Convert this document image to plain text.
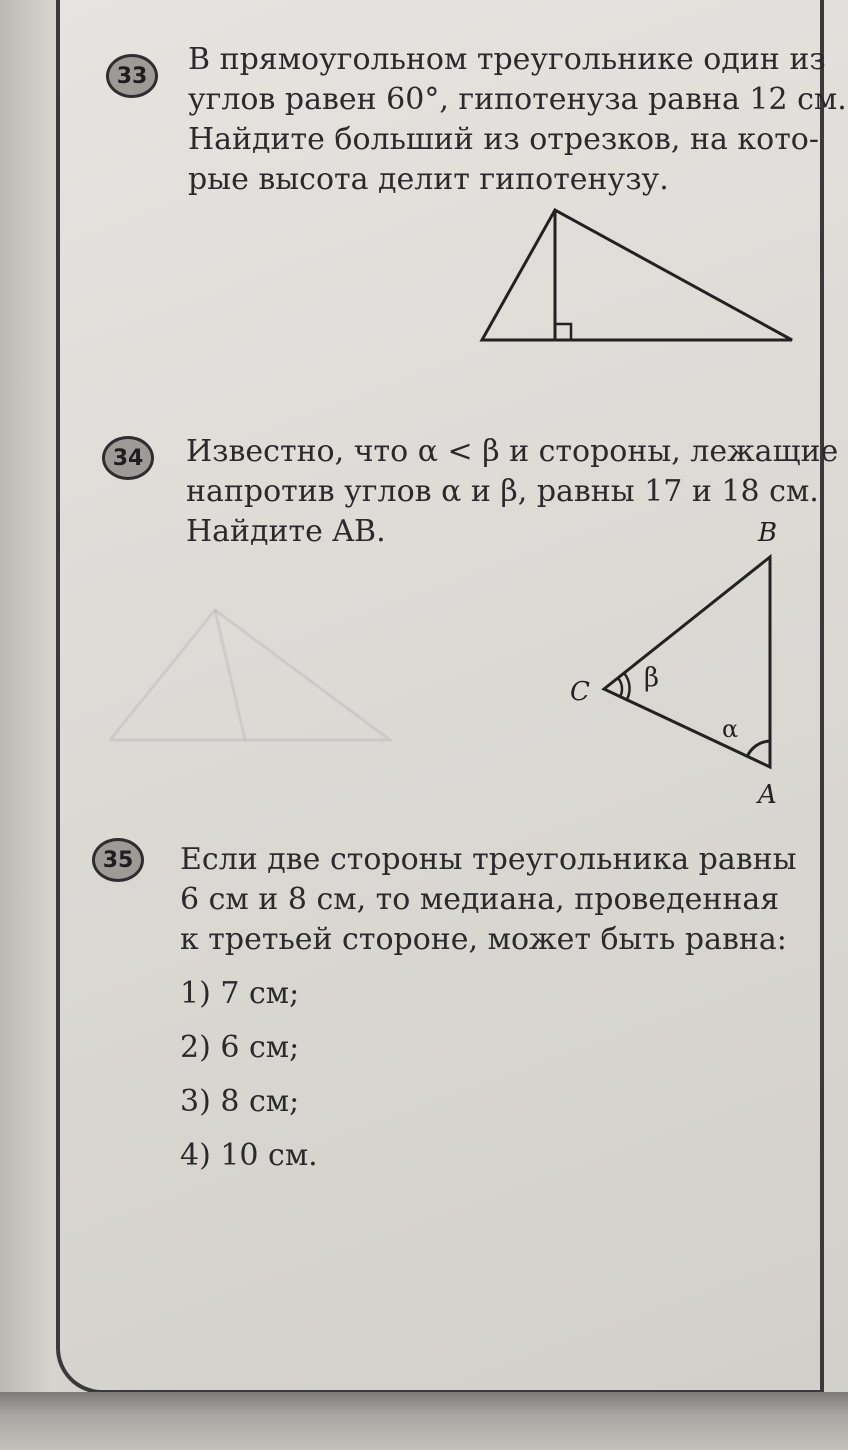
33	В прямоугольном треугольнике один из
углов равен 60°, гипотенуза равна 12 см.
Найдите больший из отрезков, на кото-
рые высота делит гипотенузу.
34	Известно, что α < β и стороны, лежащие
напротив углов α и β, равны 17 и 18 см.
Найдите AB.	B
C
A
α
β
35	Если две стороны треугольника равны
6 см и 8 см, то медиана, проведенная
к третьей стороне, может быть равна:
1) 7 см;
2) 6 см;
3) 8 см;
4) 10 см.
